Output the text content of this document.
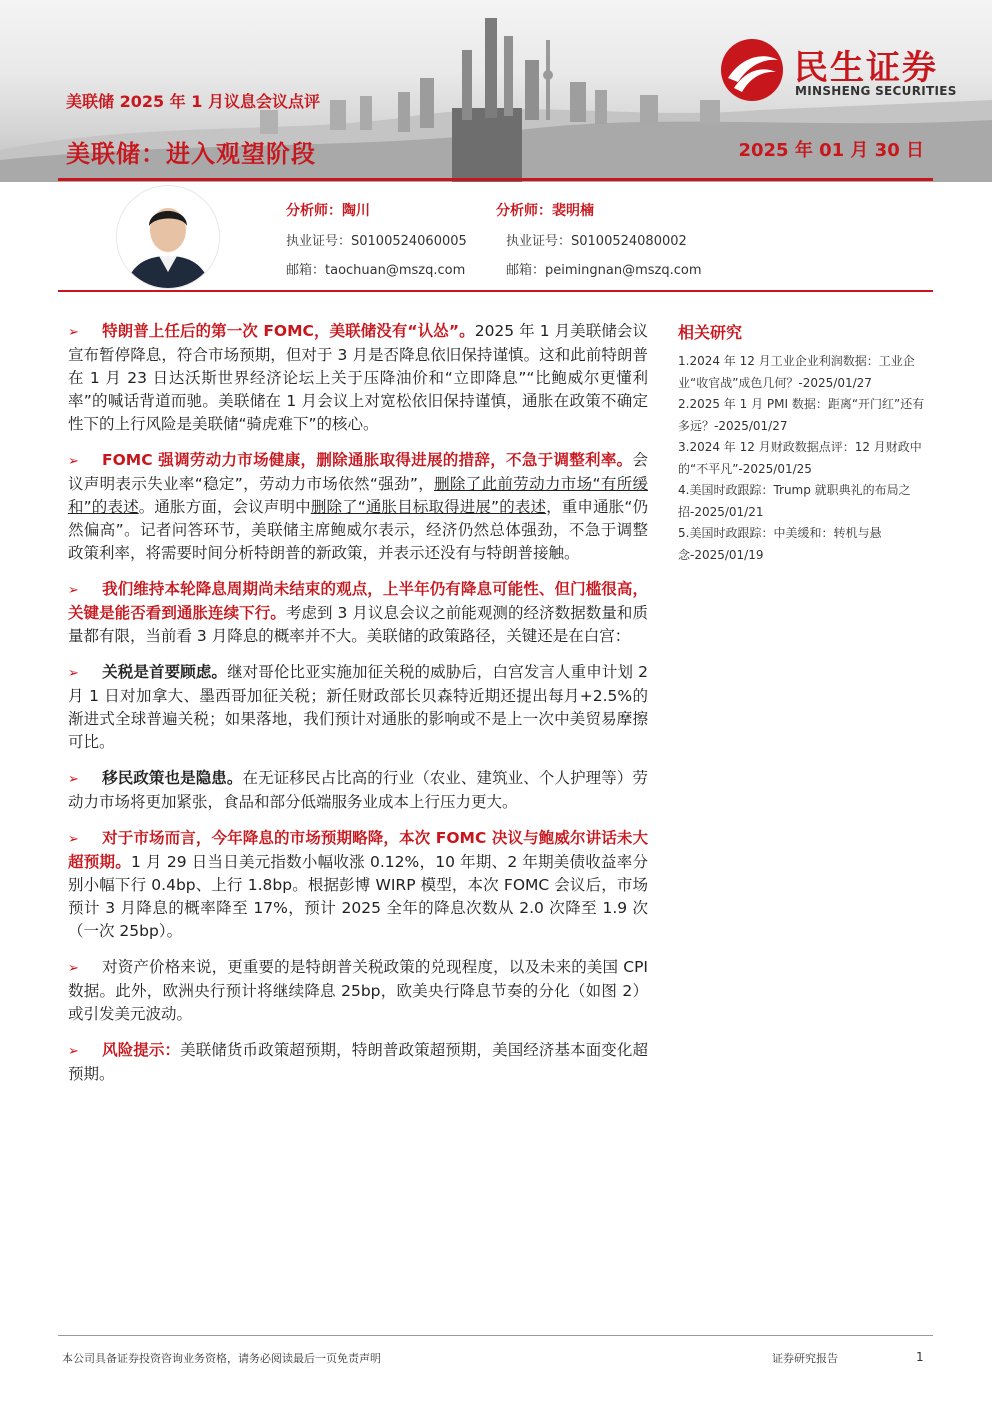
美联储 2025 年 1 月议息会议点评
美联储：进入观望阶段	2025 年 01 月 30 日
民生证券
MINSHENG SECURITIES
分析师：陶川
执业证号：S0100524060005
邮箱：taochuan@mszq.com
分析师：裴明楠
执业证号：S0100524080002
邮箱：peimingnan@mszq.com
➢ 特朗普上任后的第一次 FOMC，美联储没有“认怂”。2025 年 1 月美联储会议宣布暂停降息，符合市场预期，但对于 3 月是否降息依旧保持谨慎。这和此前特朗普在 1 月 23 日达沃斯世界经济论坛上关于压降油价和“立即降息”“比鲍威尔更懂利率”的喊话背道而驰。美联储在 1 月会议上对宽松依旧保持谨慎，通胀在政策不确定性下的上行风险是美联储“骑虎难下”的核心。
➢ FOMC 强调劳动力市场健康，删除通胀取得进展的措辞，不急于调整利率。会议声明表示失业率“稳定”，劳动力市场依然“强劲”，删除了此前劳动力市场“有所缓和”的表述。通胀方面，会议声明中删除了“通胀目标取得进展”的表述，重申通胀“仍然偏高”。记者问答环节，美联储主席鲍威尔表示，经济仍然总体强劲，不急于调整政策利率，将需要时间分析特朗普的新政策，并表示还没有与特朗普接触。
➢ 我们维持本轮降息周期尚未结束的观点，上半年仍有降息可能性、但门槛很高，关键是能否看到通胀连续下行。考虑到 3 月议息会议之前能观测的经济数据数量和质量都有限，当前看 3 月降息的概率并不大。美联储的政策路径，关键还是在白宫：
➢ 关税是首要顾虑。继对哥伦比亚实施加征关税的威胁后，白宫发言人重申计划 2 月 1 日对加拿大、墨西哥加征关税；新任财政部长贝森特近期还提出每月+2.5%的渐进式全球普遍关税；如果落地，我们预计对通胀的影响或不是上一次中美贸易摩擦可比。
➢ 移民政策也是隐患。在无证移民占比高的行业（农业、建筑业、个人护理等）劳动力市场将更加紧张，食品和部分低端服务业成本上行压力更大。
➢ 对于市场而言，今年降息的市场预期略降，本次 FOMC 决议与鲍威尔讲话未大超预期。1 月 29 日当日美元指数小幅收涨 0.12%，10 年期、2 年期美债收益率分别小幅下行 0.4bp、上行 1.8bp。根据彭博 WIRP 模型，本次 FOMC 会议后，市场预计 3 月降息的概率降至 17%，预计 2025 全年的降息次数从 2.0 次降至 1.9 次（一次 25bp）。
➢ 对资产价格来说，更重要的是特朗普关税政策的兑现程度，以及未来的美国 CPI 数据。此外，欧洲央行预计将继续降息 25bp，欧美央行降息节奏的分化（如图 2）或引发美元波动。
➢ 风险提示：美联储货币政策超预期，特朗普政策超预期，美国经济基本面变化超预期。
相关研究
1.2024 年 12 月工业企业利润数据：工业企业“收官战”成色几何？-2025/01/27
2.2025 年 1 月 PMI 数据：距离“开门红”还有多远？-2025/01/27
3.2024 年 12 月财政数据点评：12 月财政中的“不平凡”-2025/01/25
4.美国时政跟踪：Trump 就职典礼的布局之招-2025/01/21
5.美国时政跟踪：中美缓和：转机与悬念-2025/01/19
本公司具备证券投资咨询业务资格，请务必阅读最后一页免责声明	证券研究报告	1
